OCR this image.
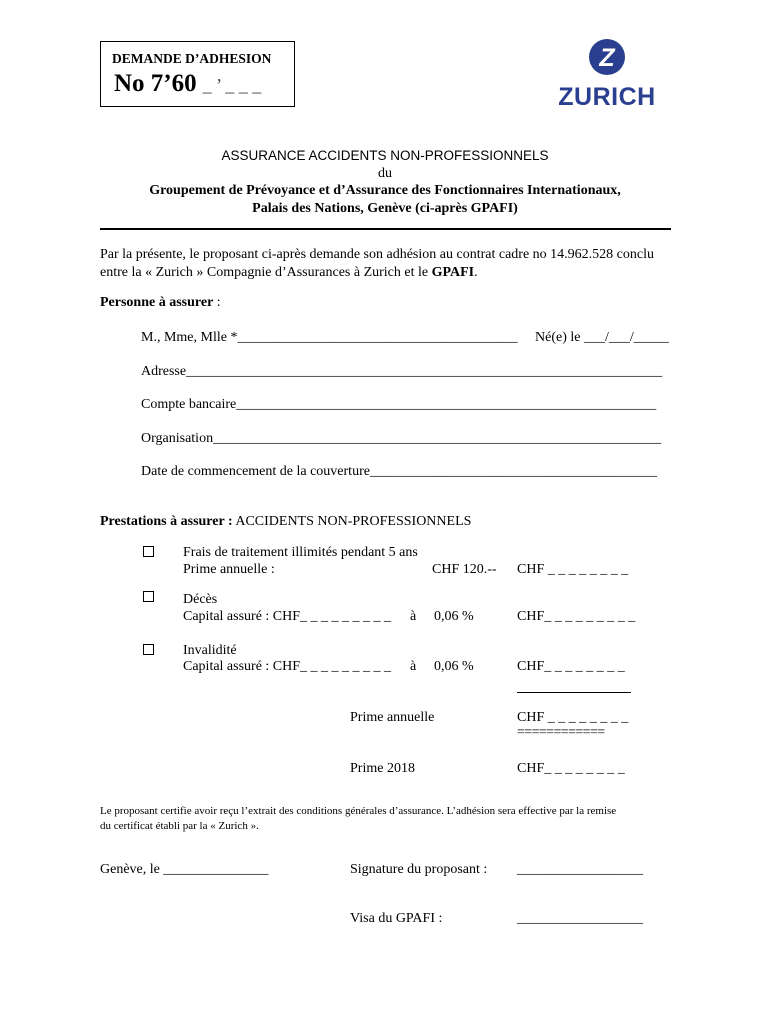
DEMANDE D’ADHESION
No 7’60 _ ’ _ _ _
Z
ZURICH
ASSURANCE ACCIDENTS NON-PROFESSIONNELS
du
Groupement de Prévoyance et d’Assurance des Fonctionnaires Internationaux,
Palais des Nations, Genève (ci-après GPAFI)
Par la présente, le proposant ci-après demande son adhésion au contrat cadre no 14.962.528 conclu
entre la « Zurich » Compagnie d’Assurances à Zurich et le GPAFI.
Personne à assurer :
M., Mme, Mlle *________________________________________ Né(e) le ___/___/_____
Adresse____________________________________________________________________
Compte bancaire____________________________________________________________
Organisation________________________________________________________________
Date de commencement de la couverture_________________________________________
Prestations à assurer : ACCIDENTS NON-PROFESSIONNELS
Frais de traitement illimités pendant 5 ans
Prime annuelle :	CHF 120.-- CHF _ _ _ _ _ _ _ _
Décès
Capital assuré : CHF_ _ _ _ _ _ _ _ _ à 0,06 %	CHF_ _ _ _ _ _ _ _ _
Invalidité
Capital assuré : CHF_ _ _ _ _ _ _ _ _ à 0,06 %	CHF_ _ _ _ _ _ _ _
Prime annuelle	CHF _ _ _ _ _ _ _ _
============
Prime 2018	CHF_ _ _ _ _ _ _ _
Le proposant certifie avoir reçu l’extrait des conditions générales d’assurance. L’adhésion sera effective par la remise
du certificat établi par la « Zurich ».
Genève, le _______________	Signature du proposant : __________________
Visa du GPAFI :	__________________
